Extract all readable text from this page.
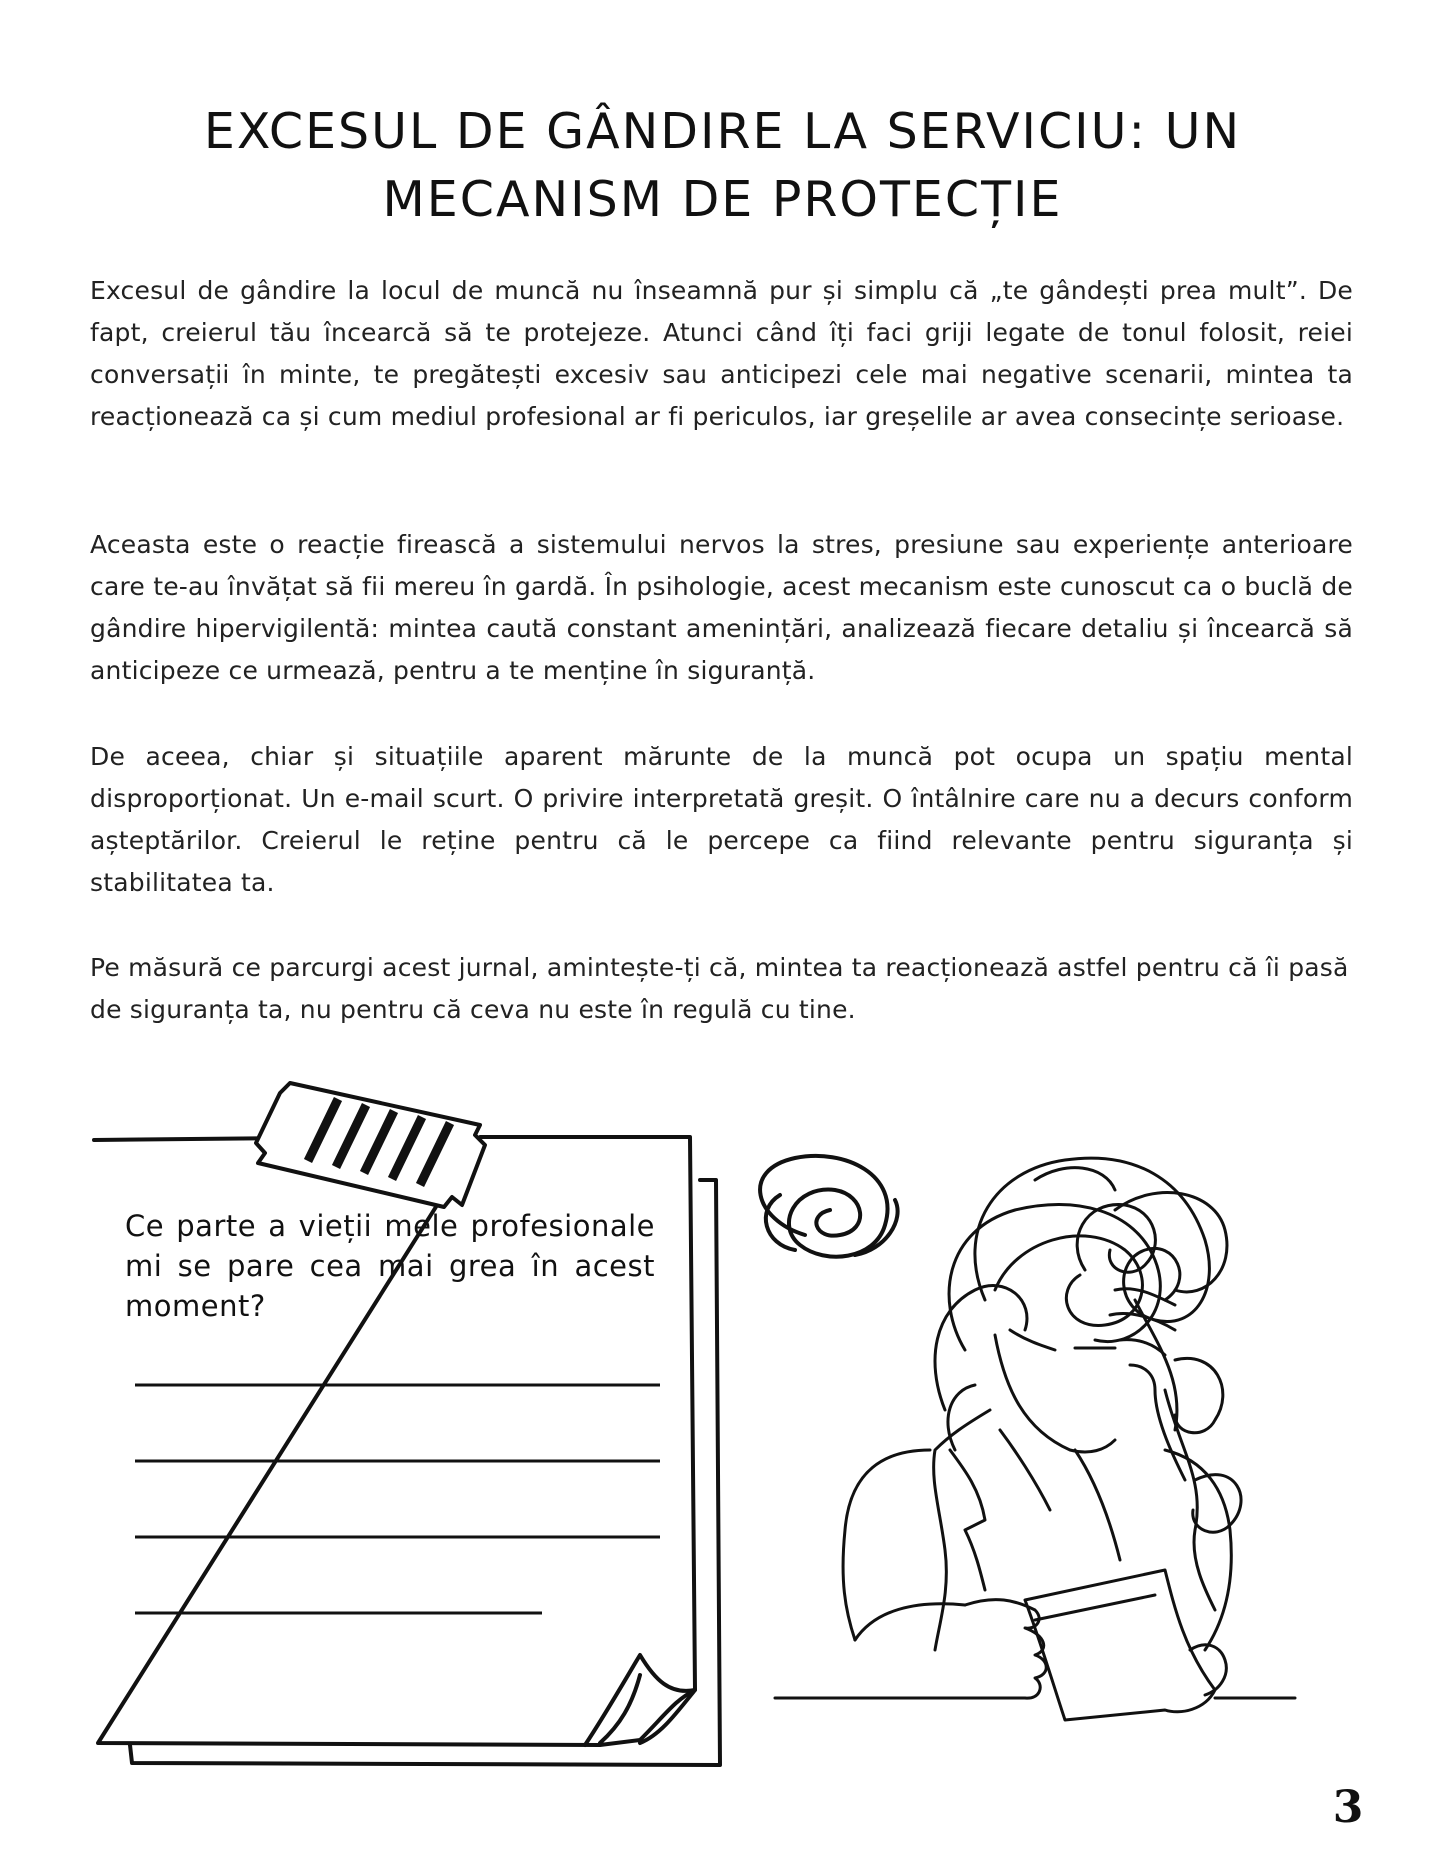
EXCESUL DE GÂNDIRE LA SERVICIU: UN
MECANISM DE PROTECȚIE

Excesul de gândire la locul de muncă nu înseamnă pur și simplu că „te gândești prea mult”. De fapt, creierul tău încearcă să te protejeze. Atunci când îți faci griji legate de tonul folosit, reiei conversații în minte, te pregătești excesiv sau anticipezi cele mai negative scenarii, mintea ta reacționează ca și cum mediul profesional ar fi periculos, iar greșelile ar avea consecințe serioase.

Aceasta este o reacție firească a sistemului nervos la stres, presiune sau experiențe anterioare care te-au învățat să fii mereu în gardă. În psihologie, acest mecanism este cunoscut ca o buclă de gândire hipervigilentă: mintea caută constant amenințări, analizează fiecare detaliu și încearcă să anticipeze ce urmează, pentru a te menține în siguranță.

De aceea, chiar și situațiile aparent mărunte de la muncă pot ocupa un spațiu mental disproporționat. Un e-mail scurt. O privire interpretată greșit. O întâlnire care nu a decurs conform așteptărilor. Creierul le reține pentru că le percepe ca fiind relevante pentru siguranța și stabilitatea ta.

Pe măsură ce parcurgi acest jurnal, amintește-ți că, mintea ta reacționează astfel pentru că îi pasă de siguranța ta, nu pentru că ceva nu este în regulă cu tine.

Ce parte a vieții mele profesionale mi se pare cea mai grea în acest moment?

3
